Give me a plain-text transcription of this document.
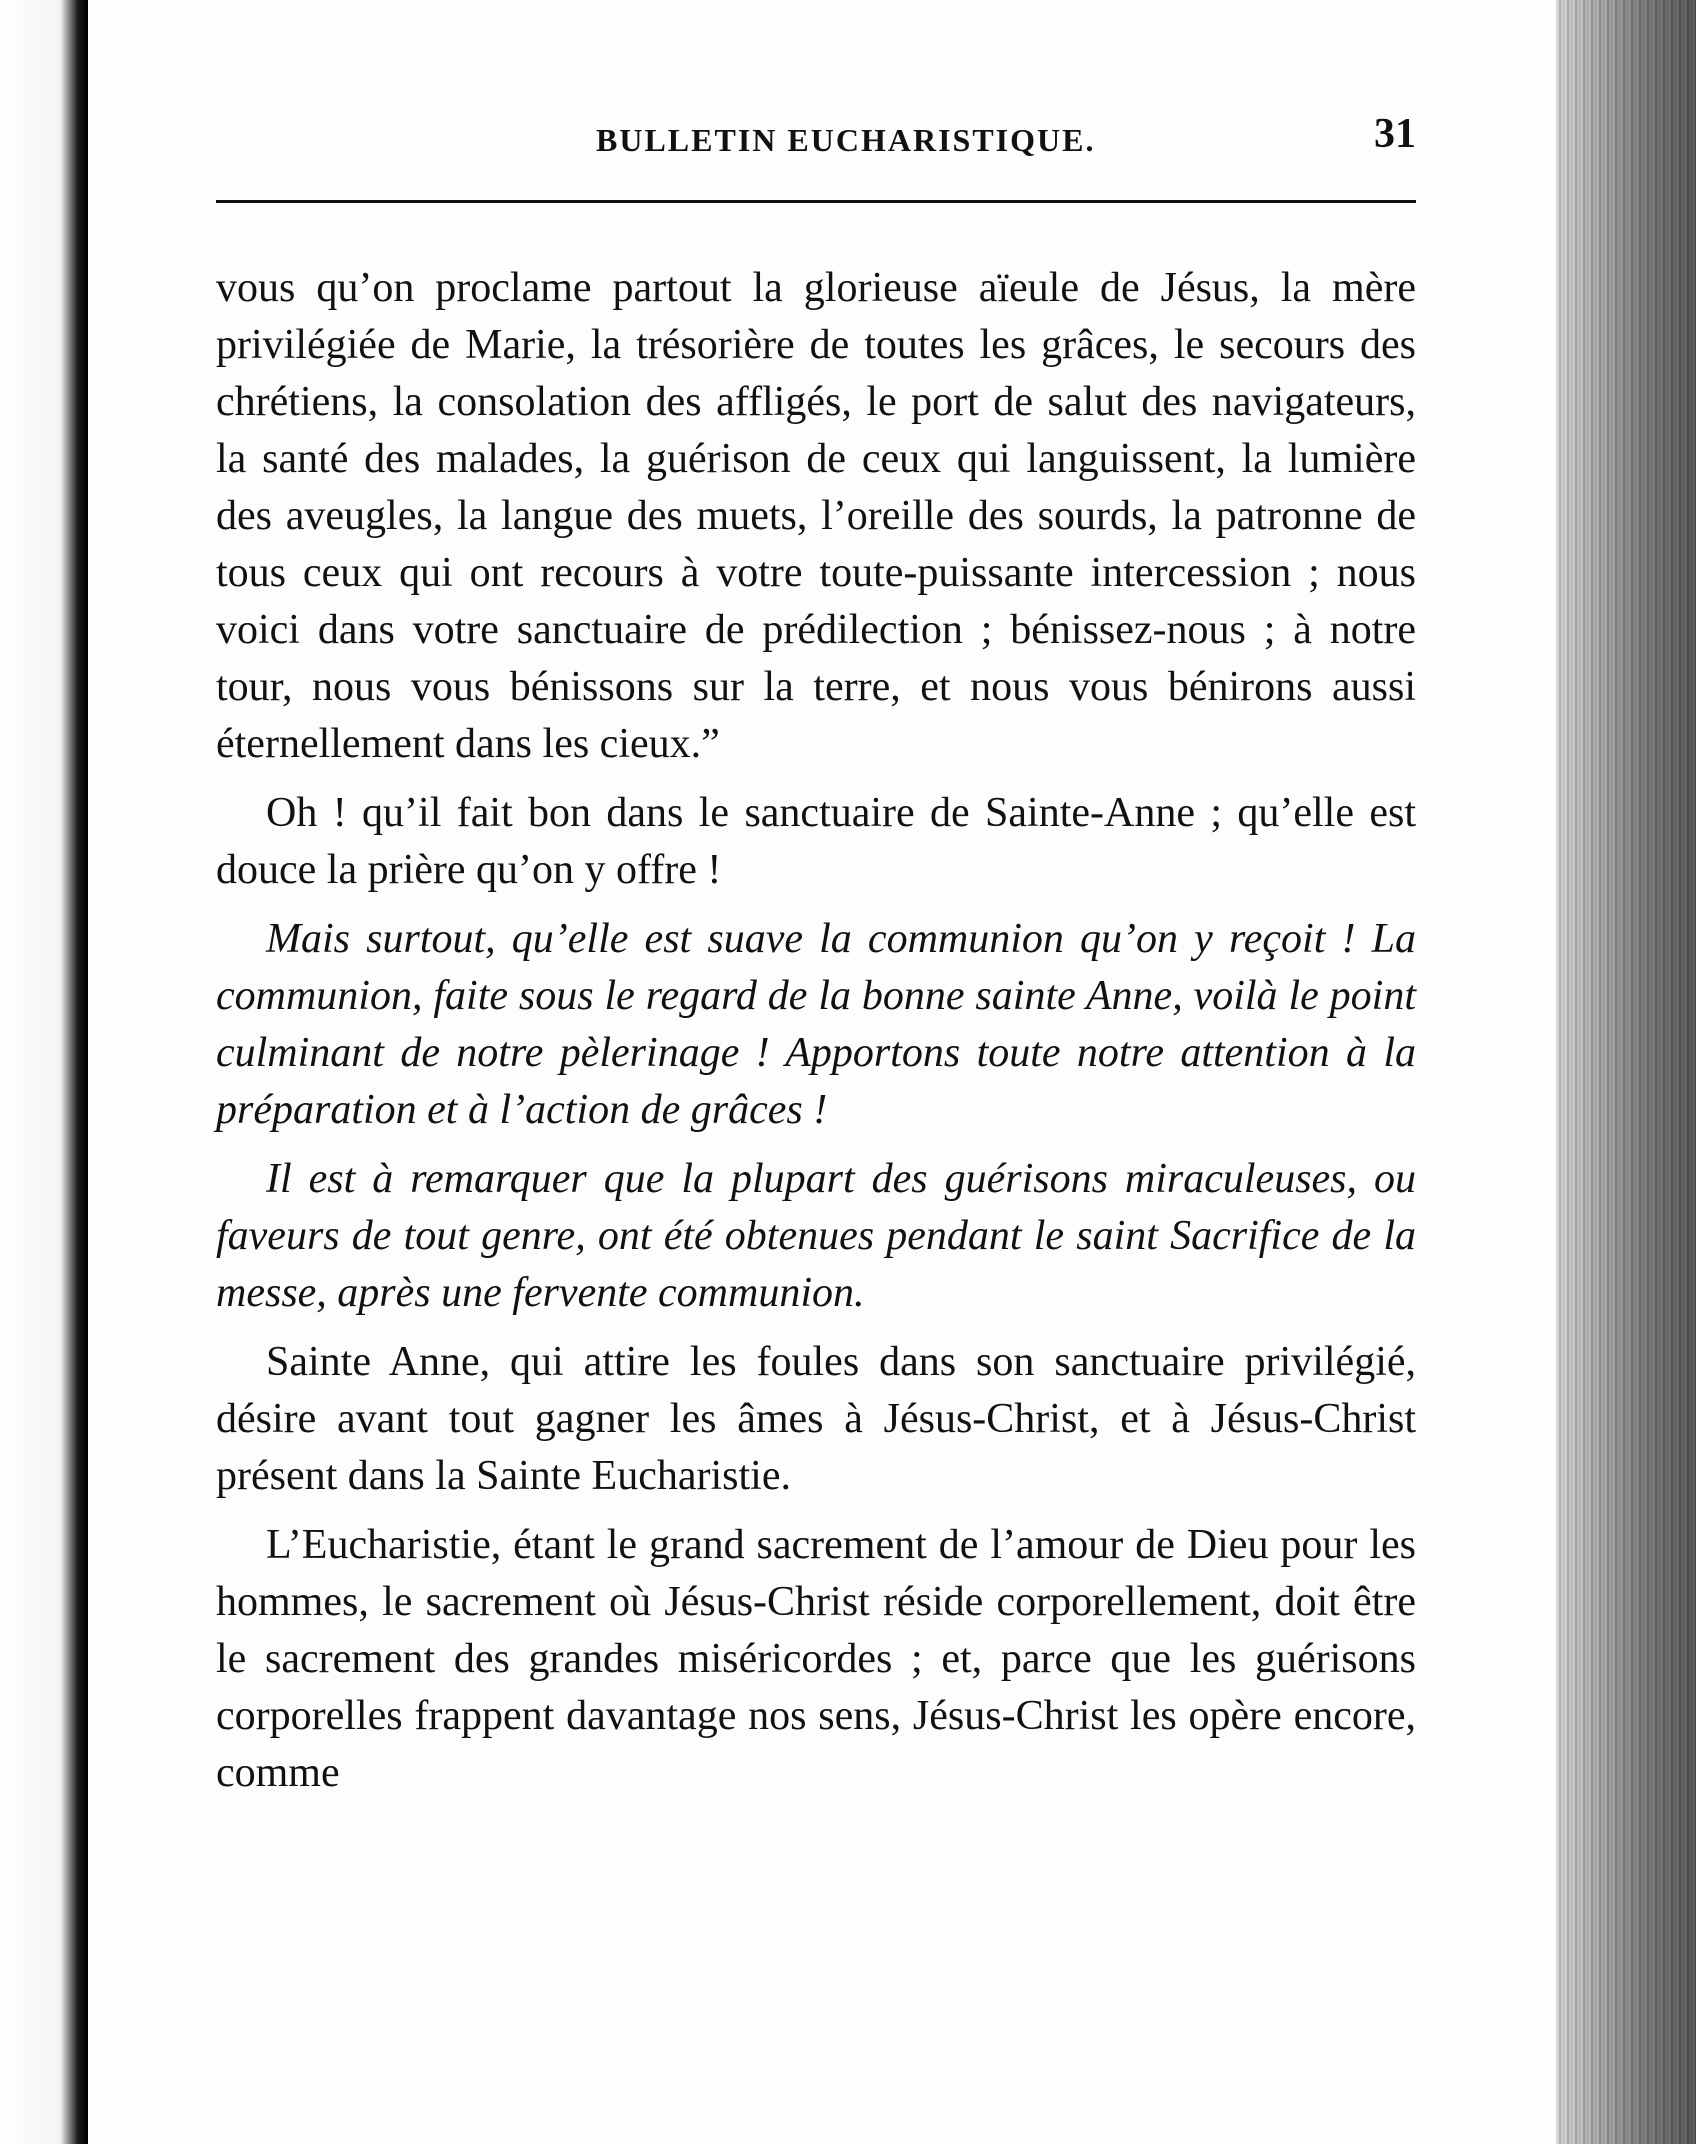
BULLETIN EUCHARISTIQUE.	31

vous qu’on proclame partout la glorieuse aïeule de Jésus, la mère privilégiée de Marie, la trésorière de toutes les grâces, le secours des chrétiens, la consolation des affligés, le port de salut des navigateurs, la santé des malades, la guérison de ceux qui languissent, la lumière des aveugles, la langue des muets, l’oreille des sourds, la patronne de tous ceux qui ont recours à votre toute-puissante intercession ; nous voici dans votre sanctuaire de prédilection ; bénissez-nous ; à notre tour, nous vous bénissons sur la terre, et nous vous bénirons aussi éternellement dans les cieux.”

Oh ! qu’il fait bon dans le sanctuaire de Sainte-Anne ; qu’elle est douce la prière qu’on y offre !

Mais surtout, qu’elle est suave la communion qu’on y reçoit ! La communion, faite sous le regard de la bonne sainte Anne, voilà le point culminant de notre pèlerinage ! Apportons toute notre attention à la préparation et à l’action de grâces !

Il est à remarquer que la plupart des guérisons miraculeuses, ou faveurs de tout genre, ont été obtenues pendant le saint Sacrifice de la messe, après une fervente communion.

Sainte Anne, qui attire les foules dans son sanctuaire privilégié, désire avant tout gagner les âmes à Jésus-Christ, et à Jésus-Christ présent dans la Sainte Eucharistie.

L’Eucharistie, étant le grand sacrement de l’amour de Dieu pour les hommes, le sacrement où Jésus-Christ réside corporellement, doit être le sacrement des grandes miséricordes ; et, parce que les guérisons corporelles frappent davantage nos sens, Jésus-Christ les opère encore, comme
